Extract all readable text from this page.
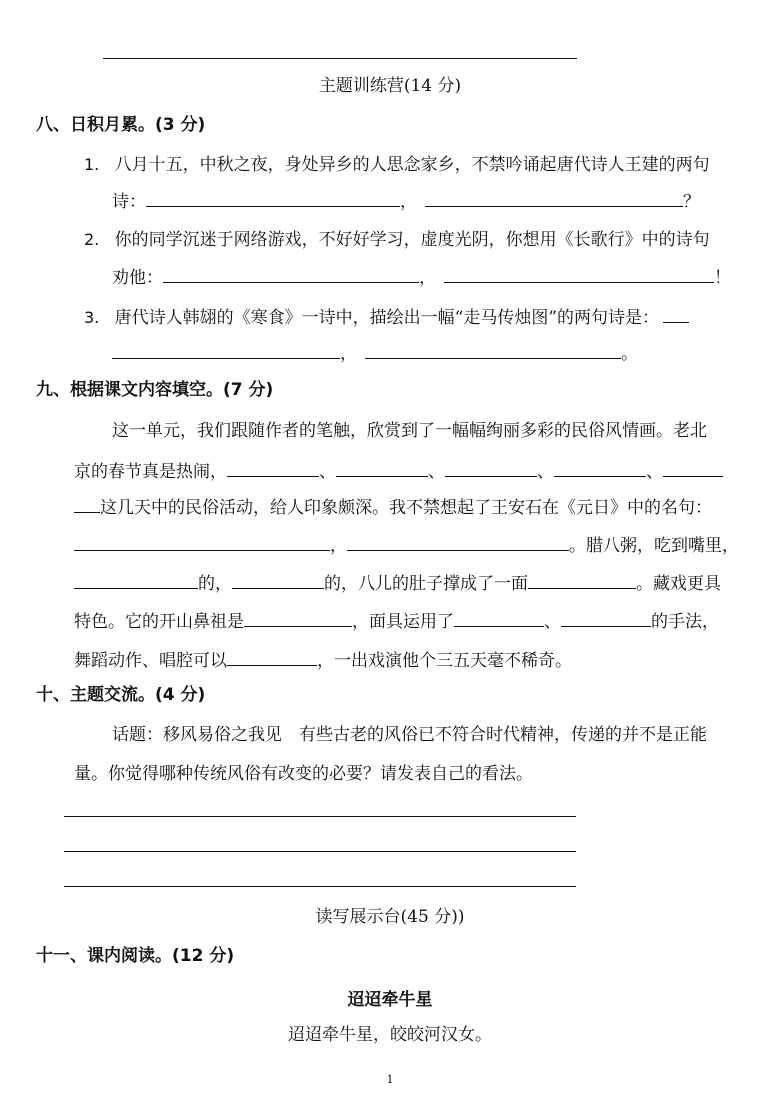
主题训练营(14 分)
八、日积月累。(3 分)
1. 八月十五，中秋之夜，身处异乡的人思念家乡，不禁吟诵起唐代诗人王建的两句
诗：	，	？
2. 你的同学沉迷于网络游戏，不好好学习，虚度光阴，你想用《长歌行》中的诗句
劝他：	，	！
3. 唐代诗人韩翃的《寒食》一诗中，描绘出一幅“走马传烛图”的两句诗是：
，	。
九、根据课文内容填空。(7 分)
这一单元，我们跟随作者的笔触，欣赏到了一幅幅绚丽多彩的民俗风情画。老北
京的春节真是热闹，	、	、	、	、
这几天中的民俗活动，给人印象颇深。我不禁想起了王安石在《元日》中的名句：
，	。腊八粥，吃到嘴里，
的，	的，八儿的肚子撑成了一面	。藏戏更具
特色。它的开山鼻祖是	，面具运用了	、	的手法，
舞蹈动作、唱腔可以	，一出戏演他个三五天毫不稀奇。
十、主题交流。(4 分)
话题：移风易俗之我见　有些古老的风俗已不符合时代精神，传递的并不是正能
量。你觉得哪种传统风俗有改变的必要？请发表自己的看法。
读写展示台(45 分))
十一、课内阅读。(12 分)
迢迢牵牛星
迢迢牵牛星，皎皎河汉女。
1
